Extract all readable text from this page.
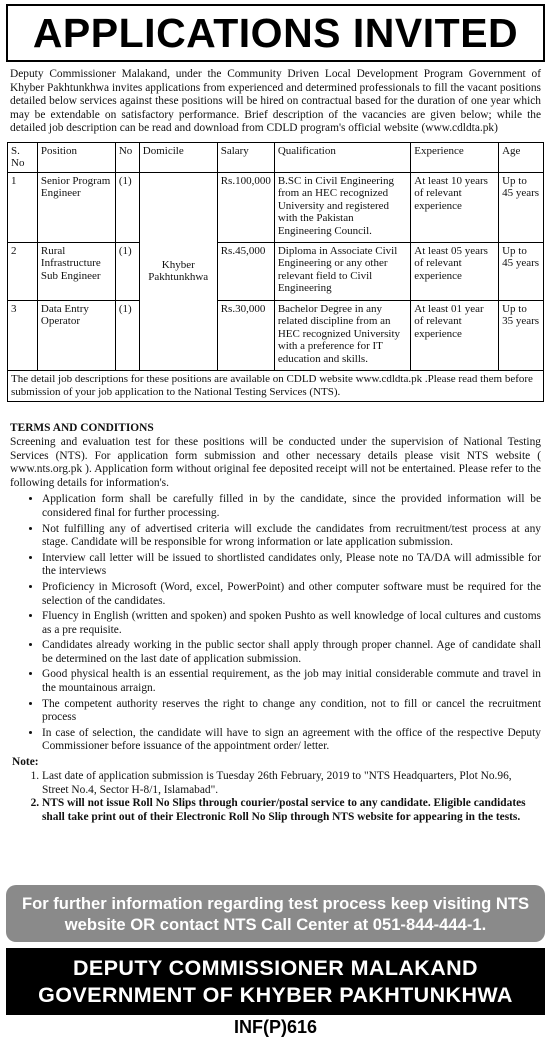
APPLICATIONS INVITED
Deputy Commissioner Malakand, under the Community Driven Local Development Program Government of Khyber Pakhtunkhwa invites applications from experienced and determined professionals to fill the vacant positions detailed below services against these positions will be hired on contractual based for the duration of one year which may be extendable on satisfactory performance. Brief description of the vacancies are given below; while the detailed job description can be read and download from CDLD program's official website (www.cdldta.pk)
S. No	Position	No	Domicile	Salary	Qualification	Experience	Age
1	Senior Program Engineer	(1)	Khyber Pakhtunkhwa	Rs.100,000	B.SC in Civil Engineering from an HEC recognized University and registered with the Pakistan Engineering Council.	At least 10 years of relevant experience	Up to 45 years
2	Rural Infrastructure Sub Engineer	(1)		Rs.45,000	Diploma in Associate Civil Engineering or any other relevant field to Civil Engineering	At least 05 years of relevant experience	Up to 45 years
3	Data Entry Operator	(1)		Rs.30,000	Bachelor Degree in any related discipline from an HEC recognized University with a preference for IT education and skills.	At least 01 year of relevant experience	Up to 35 years
The detail job descriptions for these positions are available on CDLD website www.cdldta.pk .Please read them before submission of your job application to the National Testing Services (NTS).
TERMS AND CONDITIONS
Screening and evaluation test for these positions will be conducted under the supervision of National Testing Services (NTS). For application form submission and other necessary details please visit NTS website ( www.nts.org.pk ). Application form without original fee deposited receipt will not be entertained. Please refer to the following details for information's.
• Application form shall be carefully filled in by the candidate, since the provided information will be considered final for further processing.
• Not fulfilling any of advertised criteria will exclude the candidates from recruitment/test process at any stage. Candidate will be responsible for wrong information or late application submission.
• Interview call letter will be issued to shortlisted candidates only, Please note no TA/DA will admissible for the interviews
• Proficiency in Microsoft (Word, excel, PowerPoint) and other computer software must be required for the selection of the candidates.
• Fluency in English (written and spoken) and spoken Pushto as well knowledge of local cultures and customs as a pre requisite.
• Candidates already working in the public sector shall apply through proper channel. Age of candidate shall be determined on the last date of application submission.
• Good physical health is an essential requirement, as the job may initial considerable commute and travel in the mountainous arraign.
• The competent authority reserves the right to change any condition, not to fill or cancel the recruitment process
• In case of selection, the candidate will have to sign an agreement with the office of the respective Deputy Commissioner before issuance of the appointment order/ letter.
Note:
1. Last date of application submission is Tuesday 26th February, 2019 to "NTS Headquarters, Plot No.96, Street No.4, Sector H-8/1, Islamabad".
2. NTS will not issue Roll No Slips through courier/postal service to any candidate. Eligible candidates shall take print out of their Electronic Roll No Slip through NTS website for appearing in the tests.
For further information regarding test process keep visiting NTS
website OR contact NTS Call Center at 051-844-444-1.
DEPUTY COMMISSIONER MALAKAND
GOVERNMENT OF KHYBER PAKHTUNKHWA
INF(P)616
